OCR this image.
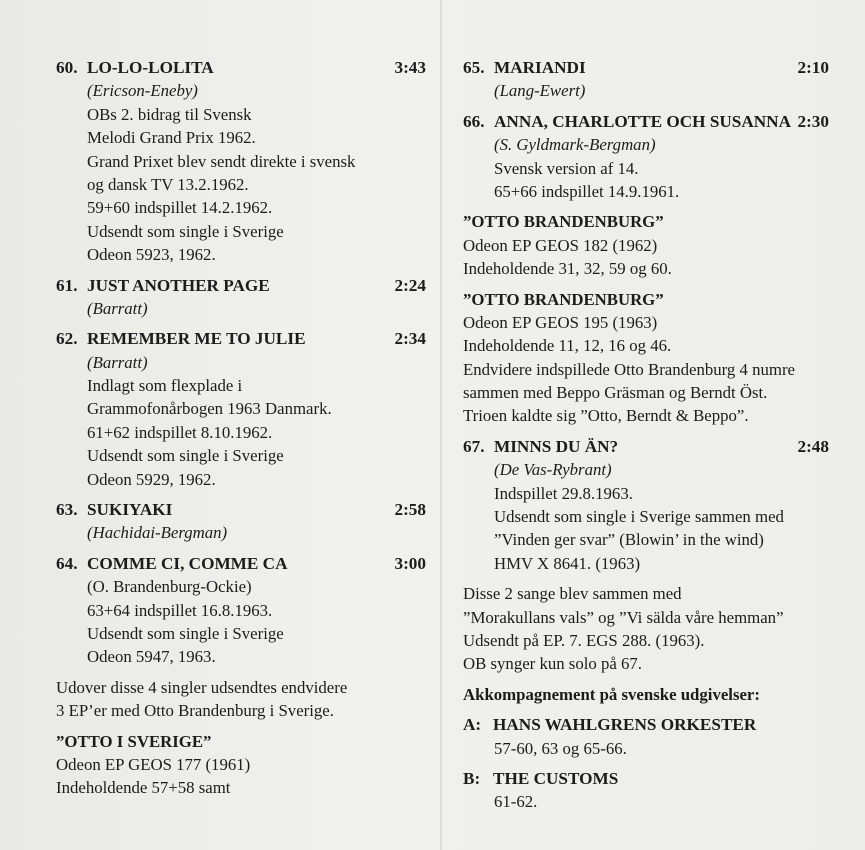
60. LO-LO-LOLITA	3:43
(Ericson-Eneby)
OBs 2. bidrag til Svensk
Melodi Grand Prix 1962.
Grand Prixet blev sendt direkte i svensk
og dansk TV 13.2.1962.
59+60 indspillet 14.2.1962.
Udsendt som single i Sverige
Odeon 5923, 1962.
61. JUST ANOTHER PAGE	2:24
(Barratt)
62. REMEMBER ME TO JULIE	2:34
(Barratt)
Indlagt som flexplade i
Grammofonårbogen 1963 Danmark.
61+62 indspillet 8.10.1962.
Udsendt som single i Sverige
Odeon 5929, 1962.
63. SUKIYAKI	2:58
(Hachidai-Bergman)
64. COMME CI, COMME CA	3:00
(O. Brandenburg-Ockie)
63+64 indspillet 16.8.1963.
Udsendt som single i Sverige
Odeon 5947, 1963.
Udover disse 4 singler udsendtes endvidere
3 EP’er med Otto Brandenburg i Sverige.
”OTTO I SVERIGE”
Odeon EP GEOS 177 (1961)
Indeholdende 57+58 samt
65. MARIANDI	2:10
(Lang-Ewert)
66. ANNA, CHARLOTTE OCH SUSANNA 2:30
(S. Gyldmark-Bergman)
Svensk version af 14.
65+66 indspillet 14.9.1961.
”OTTO BRANDENBURG”
Odeon EP GEOS 182 (1962)
Indeholdende 31, 32, 59 og 60.
”OTTO BRANDENBURG”
Odeon EP GEOS 195 (1963)
Indeholdende 11, 12, 16 og 46.
Endvidere indspillede Otto Brandenburg 4 numre
sammen med Beppo Gräsman og Berndt Öst.
Trioen kaldte sig ”Otto, Berndt & Beppo”.
67. MINNS DU ÄN?	2:48
(De Vas-Rybrant)
Indspillet 29.8.1963.
Udsendt som single i Sverige sammen med
”Vinden ger svar” (Blowin’ in the wind)
HMV X 8641. (1963)
Disse 2 sange blev sammen med
”Morakullans vals” og ”Vi sälda våre hemman”
Udsendt på EP. 7. EGS 288. (1963).
OB synger kun solo på 67.
Akkompagnement på svenske udgivelser:
A: HANS WAHLGRENS ORKESTER
57-60, 63 og 65-66.
B: THE CUSTOMS
61-62.
